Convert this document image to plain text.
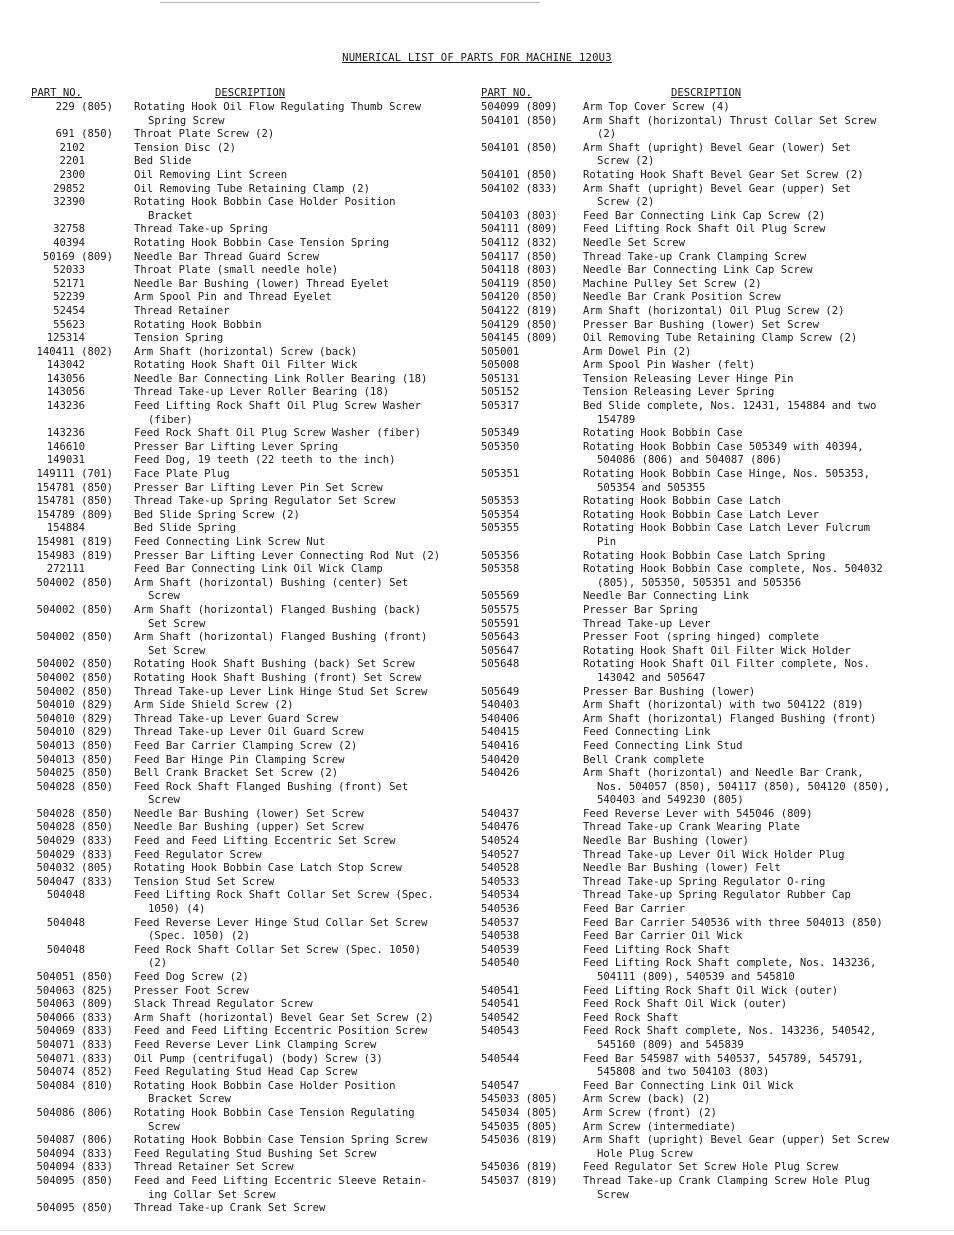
NUMERICAL LIST OF PARTS FOR MACHINE 120U3
PART NO.	DESCRIPTION
229 (805) Rotating Hook Oil Flow Regulating Thumb Screw
Spring Screw
691 (850) Throat Plate Screw (2)
2102	Tension Disc (2)
2201	Bed Slide
2300	Oil Removing Lint Screen
29852	Oil Removing Tube Retaining Clamp (2)
32390	Rotating Hook Bobbin Case Holder Position
Bracket
32758	Thread Take-up Spring
40394	Rotating Hook Bobbin Case Tension Spring
50169 (809) Needle Bar Thread Guard Screw
52033	Throat Plate (small needle hole)
52171	Needle Bar Bushing (lower) Thread Eyelet
52239	Arm Spool Pin and Thread Eyelet
52454	Thread Retainer
55623	Rotating Hook Bobbin
125314	Tension Spring
140411 (802) Arm Shaft (horizontal) Screw (back)
143042	Rotating Hook Shaft Oil Filter Wick
143056	Needle Bar Connecting Link Roller Bearing (18)
143056	Thread Take-up Lever Roller Bearing (18)
143236	Feed Lifting Rock Shaft Oil Plug Screw Washer
(fiber)
143236	Feed Rock Shaft Oil Plug Screw Washer (fiber)
146610	Presser Bar Lifting Lever Spring
149031	Feed Dog, 19 teeth (22 teeth to the inch)
149111 (701) Face Plate Plug
154781 (850) Presser Bar Lifting Lever Pin Set Screw
154781 (850) Thread Take-up Spring Regulator Set Screw
154789 (809) Bed Slide Spring Screw (2)
154884	Bed Slide Spring
154981 (819) Feed Connecting Link Screw Nut
154983 (819) Presser Bar Lifting Lever Connecting Rod Nut (2)
272111	Feed Bar Connecting Link Oil Wick Clamp
504002 (850) Arm Shaft (horizontal) Bushing (center) Set
Screw
504002 (850) Arm Shaft (horizontal) Flanged Bushing (back)
Set Screw
504002 (850) Arm Shaft (horizontal) Flanged Bushing (front)
Set Screw
504002 (850) Rotating Hook Shaft Bushing (back) Set Screw
504002 (850) Rotating Hook Shaft Bushing (front) Set Screw
504002 (850) Thread Take-up Lever Link Hinge Stud Set Screw
504010 (829) Arm Side Shield Screw (2)
504010 (829) Thread Take-up Lever Guard Screw
504010 (829) Thread Take-up Lever Oil Guard Screw
504013 (850) Feed Bar Carrier Clamping Screw (2)
504013 (850) Feed Bar Hinge Pin Clamping Screw
504025 (850) Bell Crank Bracket Set Screw (2)
504028 (850) Feed Rock Shaft Flanged Bushing (front) Set
Screw
504028 (850) Needle Bar Bushing (lower) Set Screw
504028 (850) Needle Bar Bushing (upper) Set Screw
504029 (833) Feed and Feed Lifting Eccentric Set Screw
504029 (833) Feed Regulator Screw
504032 (805) Rotating Hook Bobbin Case Latch Stop Screw
504047 (833) Tension Stud Set Screw
504048	Feed Lifting Rock Shaft Collar Set Screw (Spec.
1050) (4)
504048	Feed Reverse Lever Hinge Stud Collar Set Screw
(Spec. 1050) (2)
504048	Feed Rock Shaft Collar Set Screw (Spec. 1050)
(2)
504051 (850) Feed Dog Screw (2)
504063 (825) Presser Foot Screw
504063 (809) Slack Thread Regulator Screw
504066 (833) Arm Shaft (horizontal) Bevel Gear Set Screw (2)
504069 (833) Feed and Feed Lifting Eccentric Position Screw
504071 (833) Feed Reverse Lever Link Clamping Screw
504071 (833) Oil Pump (centrifugal) (body) Screw (3)
504074 (852) Feed Regulating Stud Head Cap Screw
504084 (810) Rotating Hook Bobbin Case Holder Position
Bracket Screw
504086 (806) Rotating Hook Bobbin Case Tension Regulating
Screw
504087 (806) Rotating Hook Bobbin Case Tension Spring Screw
504094 (833) Feed Regulating Stud Bushing Set Screw
504094 (833) Thread Retainer Set Screw
504095 (850) Feed and Feed Lifting Eccentric Sleeve Retain-
ing Collar Set Screw
504095 (850) Thread Take-up Crank Set Screw
PART NO.	DESCRIPTION
504099 (809)	Arm Top Cover Screw (4)
504101 (850)	Arm Shaft (horizontal) Thrust Collar Set Screw
(2)
504101 (850)	Arm Shaft (upright) Bevel Gear (lower) Set
Screw (2)
504101 (850)	Rotating Hook Shaft Bevel Gear Set Screw (2)
504102 (833)	Arm Shaft (upright) Bevel Gear (upper) Set
Screw (2)
504103 (803)	Feed Bar Connecting Link Cap Screw (2)
504111 (809)	Feed Lifting Rock Shaft Oil Plug Screw
504112 (832)	Needle Set Screw
504117 (850)	Thread Take-up Crank Clamping Screw
504118 (803)	Needle Bar Connecting Link Cap Screw
504119 (850)	Machine Pulley Set Screw (2)
504120 (850)	Needle Bar Crank Position Screw
504122 (819)	Arm Shaft (horizontal) Oil Plug Screw (2)
504129 (850)	Presser Bar Bushing (lower) Set Screw
504145 (809)	Oil Removing Tube Retaining Clamp Screw (2)
505001	Arm Dowel Pin (2)
505008	Arm Spool Pin Washer (felt)
505131	Tension Releasing Lever Hinge Pin
505152	Tension Releasing Lever Spring
505317	Bed Slide complete, Nos. 12431, 154884 and two
154789
505349	Rotating Hook Bobbin Case
505350	Rotating Hook Bobbin Case 505349 with 40394,
504086 (806) and 504087 (806)
505351	Rotating Hook Bobbin Case Hinge, Nos. 505353,
505354 and 505355
505353	Rotating Hook Bobbin Case Latch
505354	Rotating Hook Bobbin Case Latch Lever
505355	Rotating Hook Bobbin Case Latch Lever Fulcrum
Pin
505356	Rotating Hook Bobbin Case Latch Spring
505358	Rotating Hook Bobbin Case complete, Nos. 504032
(805), 505350, 505351 and 505356
505569	Needle Bar Connecting Link
505575	Presser Bar Spring
505591	Thread Take-up Lever
505643	Presser Foot (spring hinged) complete
505647	Rotating Hook Shaft Oil Filter Wick Holder
505648	Rotating Hook Shaft Oil Filter complete, Nos.
143042 and 505647
505649	Presser Bar Bushing (lower)
540403	Arm Shaft (horizontal) with two 504122 (819)
540406	Arm Shaft (horizontal) Flanged Bushing (front)
540415	Feed Connecting Link
540416	Feed Connecting Link Stud
540420	Bell Crank complete
540426	Arm Shaft (horizontal) and Needle Bar Crank,
Nos. 504057 (850), 504117 (850), 504120 (850),
540403 and 549230 (805)
540437	Feed Reverse Lever with 545046 (809)
540476	Thread Take-up Crank Wearing Plate
540524	Needle Bar Bushing (lower)
540527	Thread Take-up Lever Oil Wick Holder Plug
540528	Needle Bar Bushing (lower) Felt
540533	Thread Take-up Spring Regulator O-ring
540534	Thread Take-up Spring Regulator Rubber Cap
540536	Feed Bar Carrier
540537	Feed Bar Carrier 540536 with three 504013 (850)
540538	Feed Bar Carrier Oil Wick
540539	Feed Lifting Rock Shaft
540540	Feed Lifting Rock Shaft complete, Nos. 143236,
504111 (809), 540539 and 545810
540541	Feed Lifting Rock Shaft Oil Wick (outer)
540541	Feed Rock Shaft Oil Wick (outer)
540542	Feed Rock Shaft
540543	Feed Rock Shaft complete, Nos. 143236, 540542,
545160 (809) and 545839
540544	Feed Bar 545987 with 540537, 545789, 545791,
545808 and two 504103 (803)
540547	Feed Bar Connecting Link Oil Wick
545033 (805)	Arm Screw (back) (2)
545034 (805)	Arm Screw (front) (2)
545035 (805)	Arm Screw (intermediate)
545036 (819)	Arm Shaft (upright) Bevel Gear (upper) Set Screw
Hole Plug Screw
545036 (819)	Feed Regulator Set Screw Hole Plug Screw
545037 (819)	Thread Take-up Crank Clamping Screw Hole Plug
Screw
